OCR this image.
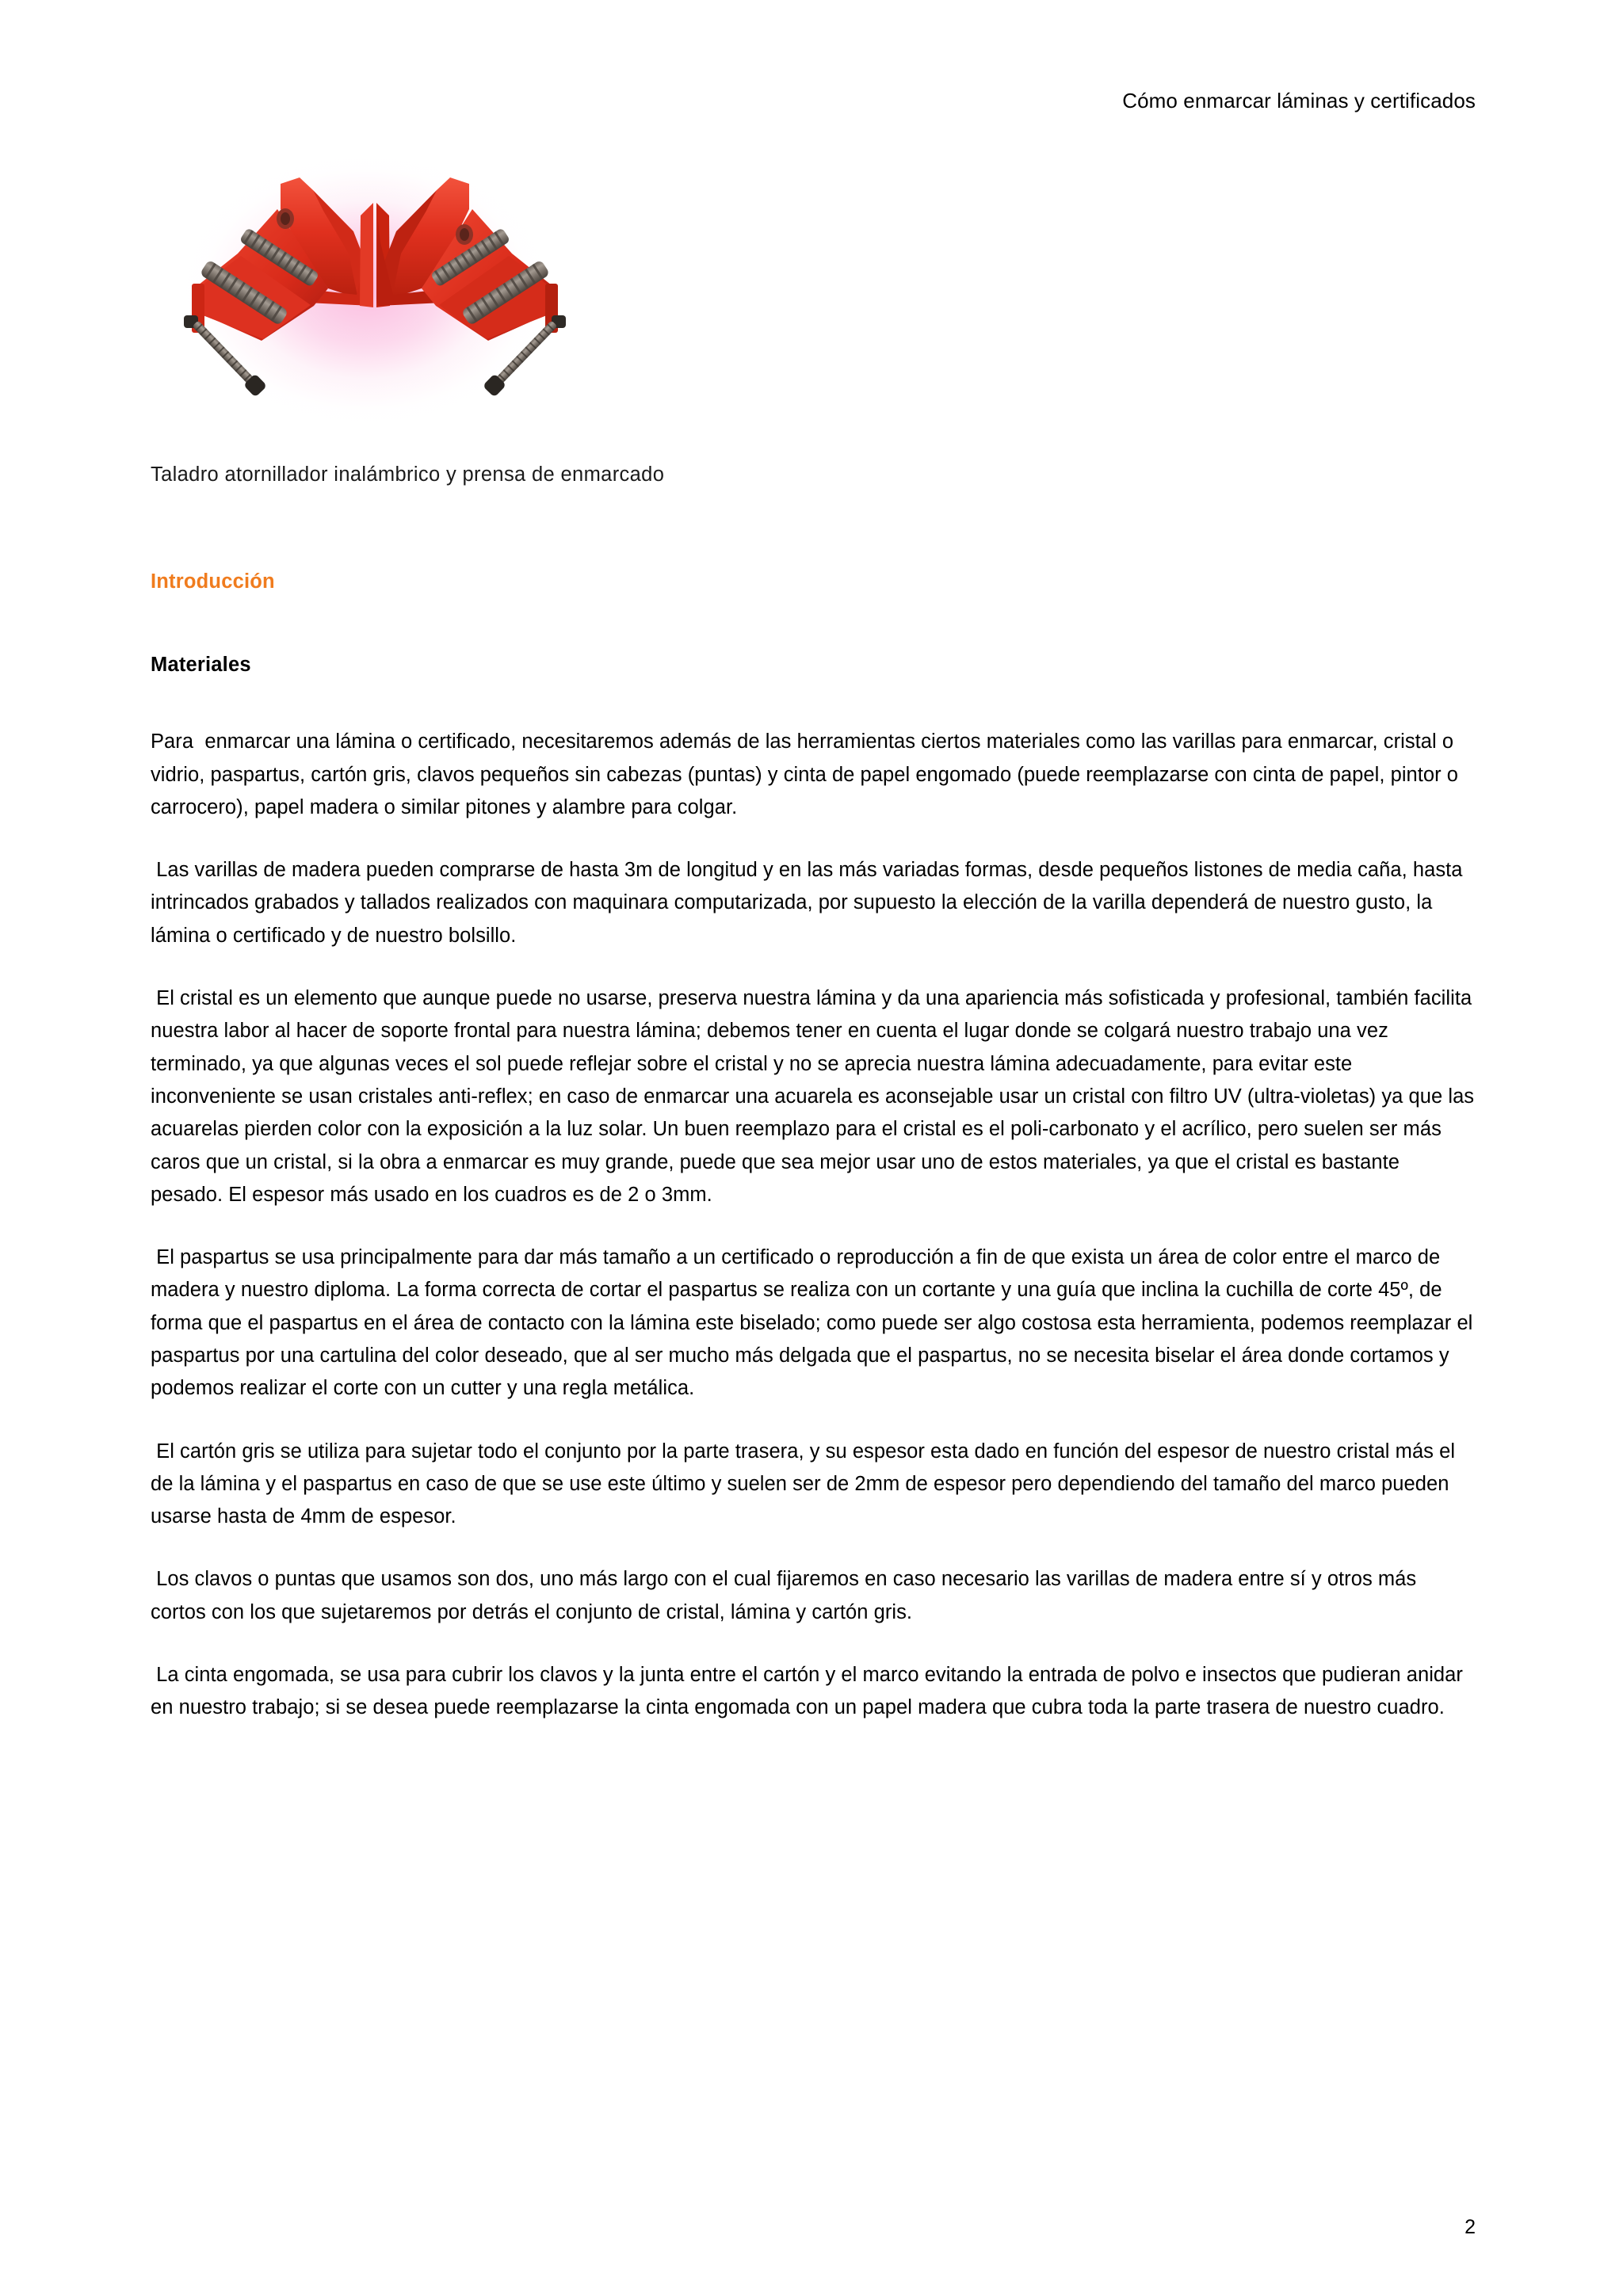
Cómo enmarcar láminas y certificados
Taladro atornillador inalámbrico y prensa de enmarcado
Introducción
Materiales

Para  enmarcar una lámina o certificado, necesitaremos además de las herramientas ciertos materiales como las varillas para enmarcar, cristal o vidrio, paspartus, cartón gris, clavos pequeños sin cabezas (puntas) y cinta de papel engomado (puede reemplazarse con cinta de papel, pintor o carrocero), papel madera o similar pitones y alambre para colgar.

Las varillas de madera pueden comprarse de hasta 3m de longitud y en las más variadas formas, desde pequeños listones de media caña, hasta intrincados grabados y tallados realizados con maquinara computarizada, por supuesto la elección de la varilla dependerá de nuestro gusto, la lámina o certificado y de nuestro bolsillo.

El cristal es un elemento que aunque puede no usarse, preserva nuestra lámina y da una apariencia más sofisticada y profesional, también facilita nuestra labor al hacer de soporte frontal para nuestra lámina; debemos tener en cuenta el lugar donde se colgará nuestro trabajo una vez terminado, ya que algunas veces el sol puede reflejar sobre el cristal y no se aprecia nuestra lámina adecuadamente, para evitar este inconveniente se usan cristales anti-reflex; en caso de enmarcar una acuarela es aconsejable usar un cristal con filtro UV (ultra-violetas) ya que las acuarelas pierden color con la exposición a la luz solar. Un buen reemplazo para el cristal es el poli-carbonato y el acrílico, pero suelen ser más caros que un cristal, si la obra a enmarcar es muy grande, puede que sea mejor usar uno de estos materiales, ya que el cristal es bastante pesado. El espesor más usado en los cuadros es de 2 o 3mm.

El paspartus se usa principalmente para dar más tamaño a un certificado o reproducción a fin de que exista un área de color entre el marco de madera y nuestro diploma. La forma correcta de cortar el paspartus se realiza con un cortante y una guía que inclina la cuchilla de corte 45º, de forma que el paspartus en el área de contacto con la lámina este biselado; como puede ser algo costosa esta herramienta, podemos reemplazar el paspartus por una cartulina del color deseado, que al ser mucho más delgada que el paspartus, no se necesita biselar el área donde cortamos y podemos realizar el corte con un cutter y una regla metálica.

El cartón gris se utiliza para sujetar todo el conjunto por la parte trasera, y su espesor esta dado en función del espesor de nuestro cristal más el de la lámina y el paspartus en caso de que se use este último y suelen ser de 2mm de espesor pero dependiendo del tamaño del marco pueden usarse hasta de 4mm de espesor.

Los clavos o puntas que usamos son dos, uno más largo con el cual fijaremos en caso necesario las varillas de madera entre sí y otros más cortos con los que sujetaremos por detrás el conjunto de cristal, lámina y cartón gris.

La cinta engomada, se usa para cubrir los clavos y la junta entre el cartón y el marco evitando la entrada de polvo e insectos que pudieran anidar en nuestro trabajo; si se desea puede reemplazarse la cinta engomada con un papel madera que cubra toda la parte trasera de nuestro cuadro.

2
